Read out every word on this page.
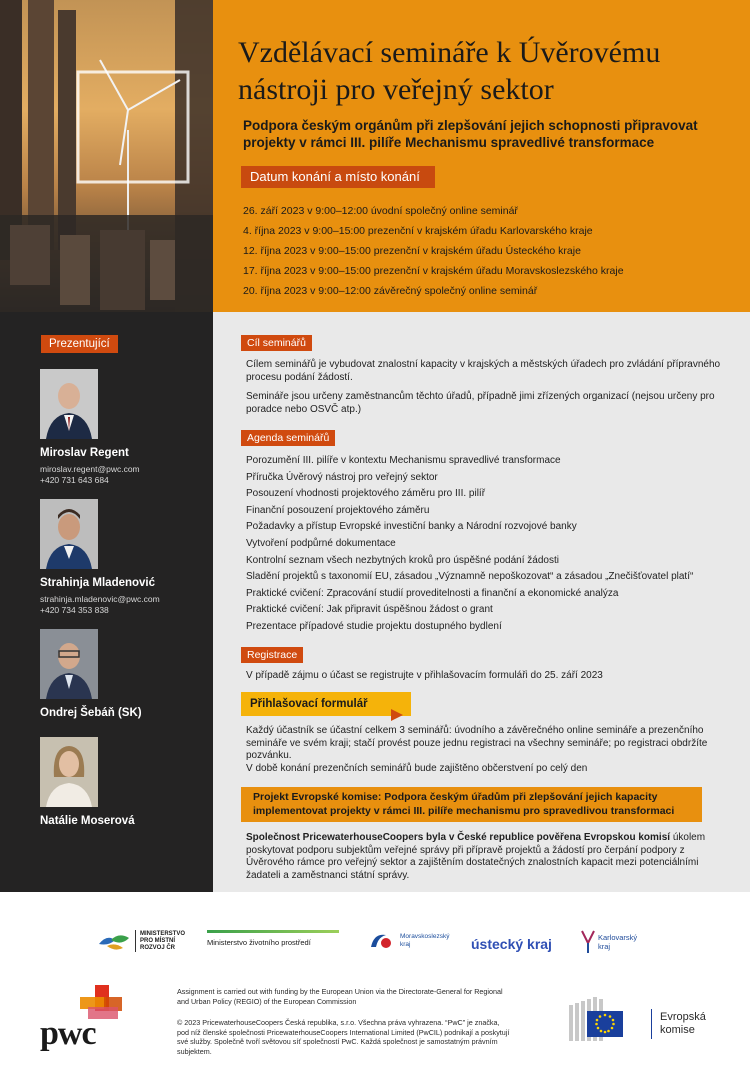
Vzdělávací semináře k Úvěrovému nástroji pro veřejný sektor
Podpora českým orgánům při zlepšování jejich schopnosti připravovat projekty v rámci III. pilíře Mechanismu spravedlivé transformace
Datum konání a místo konání
26. září 2023 v 9:00–12:00 úvodní společný online seminář
4. října 2023 v 9:00–15:00 prezenční v krajském úřadu Karlovarského kraje
12. října 2023 v 9:00–15:00 prezenční v krajském úřadu Ústeckého kraje
17. října 2023 v 9:00–15:00 prezenční v krajském úřadu Moravskoslezského kraje
20. října 2023 v 9:00–12:00 závěrečný společný online seminář
Prezentující
Miroslav Regent
miroslav.regent@pwc.com
+420 731 643 684
Strahinja Mladenović
strahinja.mladenovic@pwc.com
+420 734 353 838
Ondrej Šebáň (SK)
Natálie Moserová
Cíl seminářů
Cílem seminářů je vybudovat znalostní kapacity v krajských a městských úřadech pro zvládání přípravného procesu podání žádostí.
Semináře jsou určeny zaměstnancům těchto úřadů, případně jimi zřízených organizací (nejsou určeny pro poradce nebo OSVČ atp.)
Agenda seminářů
Porozumění III. pilíře v kontextu Mechanismu spravedlivé transformace
Příručka Úvěrový nástroj pro veřejný sektor
Posouzení vhodnosti projektového záměru pro III. pilíř
Finanční posouzení projektového záměru
Požadavky a přístup Evropské investiční banky a Národní rozvojové banky
Vytvoření podpůrné dokumentace
Kontrolní seznam všech nezbytných kroků pro úspěšné podání žádosti
Sladění projektů s taxonomií EU, zásadou „Významně nepoškozovat“ a zásadou „Znečišťovatel platí“
Praktické cvičení: Zpracování studií proveditelnosti a finanční a ekonomické analýza
Praktické cvičení: Jak připravit úspěšnou žádost o grant
Prezentace případové studie projektu dostupného bydlení
Registrace
V případě zájmu o účast se registrujte v přihlašovacím formuláři do 25. září 2023
Přihlašovací formulář
Každý účastník se účastní celkem 3 seminářů: úvodního a závěrečného online semináře a prezenčního semináře ve svém kraji; stačí provést pouze jednu registraci na všechny semináře; po registraci obdržíte pozvánku.
V době konání prezenčních seminářů bude zajištěno občerstvení po celý den
Projekt Evropské komise: Podpora českým úřadům při zlepšování jejich kapacity implementovat projekty v rámci III. pilíře mechanismu pro spravedlivou transformaci
Společnost PricewaterhouseCoopers byla v České republice pověřena Evropskou komisí úkolem poskytovat podporu subjektům veřejné správy při přípravě projektů a žádostí pro čerpání podpory z Úvěrového rámce pro veřejný sektor a zajištěním dostatečných znalostních kapacit mezi potenciálními žadateli a zaměstnanci státní správy.
MINISTERSTVO
PRO MÍSTNÍ
ROZVOJ ČR
Ministerstvo životního prostředí
Moravskoslezský
kraj	ústecký kraj	Karlovarský
kraj
pwc
Assignment is carried out with funding by the European Union via the Directorate-General for Regional and Urban Policy (REGIO) of the European Commission
© 2023 PricewaterhouseCoopers Česká republika, s.r.o. Všechna práva vyhrazena. “PwC” je značka, pod níž členské společnosti PricewaterhouseCoopers International Limited (PwCIL) podnikají a poskytují své služby. Společně tvoří světovou síť společností PwC. Každá společnost je samostatným právním subjektem.
Evropská
komise
